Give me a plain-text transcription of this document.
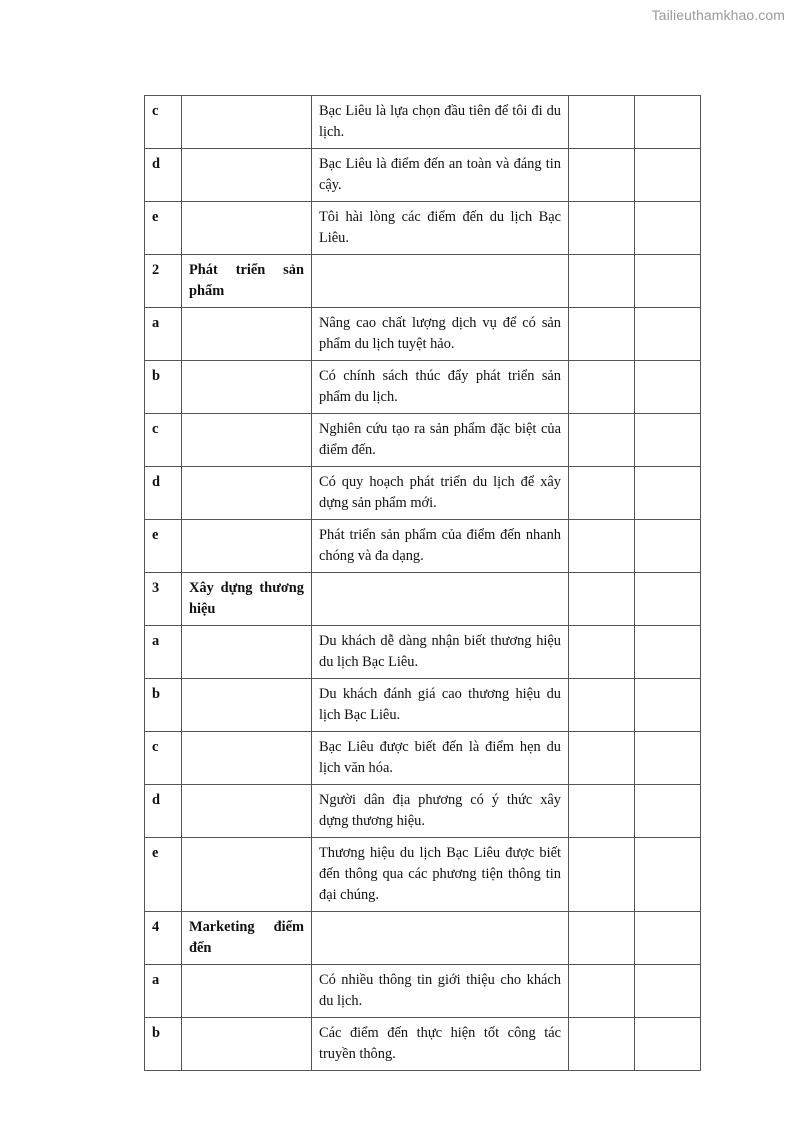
Tailieuthamkhao.com
c		Bạc Liêu là lựa chọn đầu tiên để tôi đi du lịch.		
d		Bạc Liêu là điểm đến an toàn và đáng tin cậy.		
e		Tôi hài lòng các điểm đến du lịch Bạc Liêu.		
2	Phát triển sản phẩm			
a		Nâng cao chất lượng dịch vụ để có sản phẩm du lịch tuyệt hảo.		
b		Có chính sách thúc đẩy phát triển sản phẩm du lịch.		
c		Nghiên cứu tạo ra sản phẩm đặc biệt của điểm đến.		
d		Có quy hoạch phát triển du lịch để xây dựng sản phẩm mới.		
e		Phát triển sản phẩm của điểm đến nhanh chóng và đa dạng.		
3	Xây dựng thương hiệu			
a		Du khách dễ dàng nhận biết thương hiệu du lịch Bạc Liêu.		
b		Du khách đánh giá cao thương hiệu du lịch Bạc Liêu.		
c		Bạc Liêu được biết đến là điểm hẹn du lịch văn hóa.		
d		Người dân địa phương có ý thức xây dựng thương hiệu.		
e		Thương hiệu du lịch Bạc Liêu được biết đến thông qua các phương tiện thông tin đại chúng.		
4	Marketing điểm đến			
a		Có nhiều thông tin giới thiệu cho khách du lịch.		
b		Các điểm đến thực hiện tốt công tác truyền thông.		
